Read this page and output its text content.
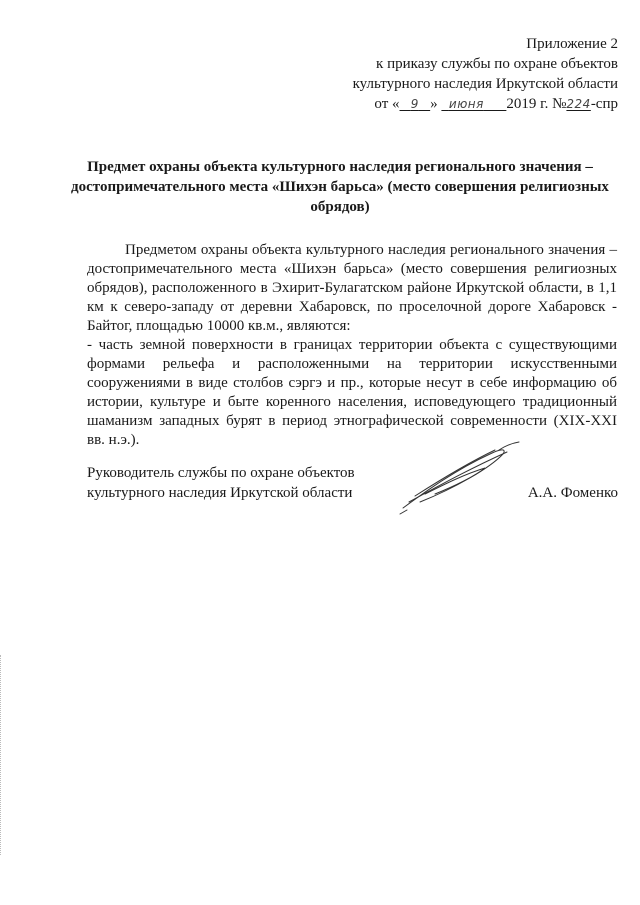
Приложение 2
к приказу службы по охране объектов
культурного наследия Иркутской области
от « 9 » июня 2019 г. №224-спр
Предмет охраны объекта культурного наследия регионального значения – достопримечательного места «Шихэн барьса» (место совершения религиозных обрядов)

Предметом охраны объекта культурного наследия регионального значения – достопримечательного места «Шихэн барьса» (место совершения религиозных обрядов), расположенного в Эхирит-Булагатском районе Иркутской области, в 1,1 км к северо-западу от деревни Хабаровск, по проселочной дороге Хабаровск - Байтог, площадью 10000 кв.м., являются:

- часть земной поверхности в границах территории объекта с существующими формами рельефа и расположенными на территории искусственными сооружениями в виде столбов сэргэ и пр., которые несут в себе информацию об истории, культуре и быте коренного населения, исповедующего традиционный шаманизм западных бурят в период этнографической современности (XIX-XXI вв. н.э.).

Руководитель службы по охране объектов
культурного наследия Иркутской области	А.А. Фоменко
